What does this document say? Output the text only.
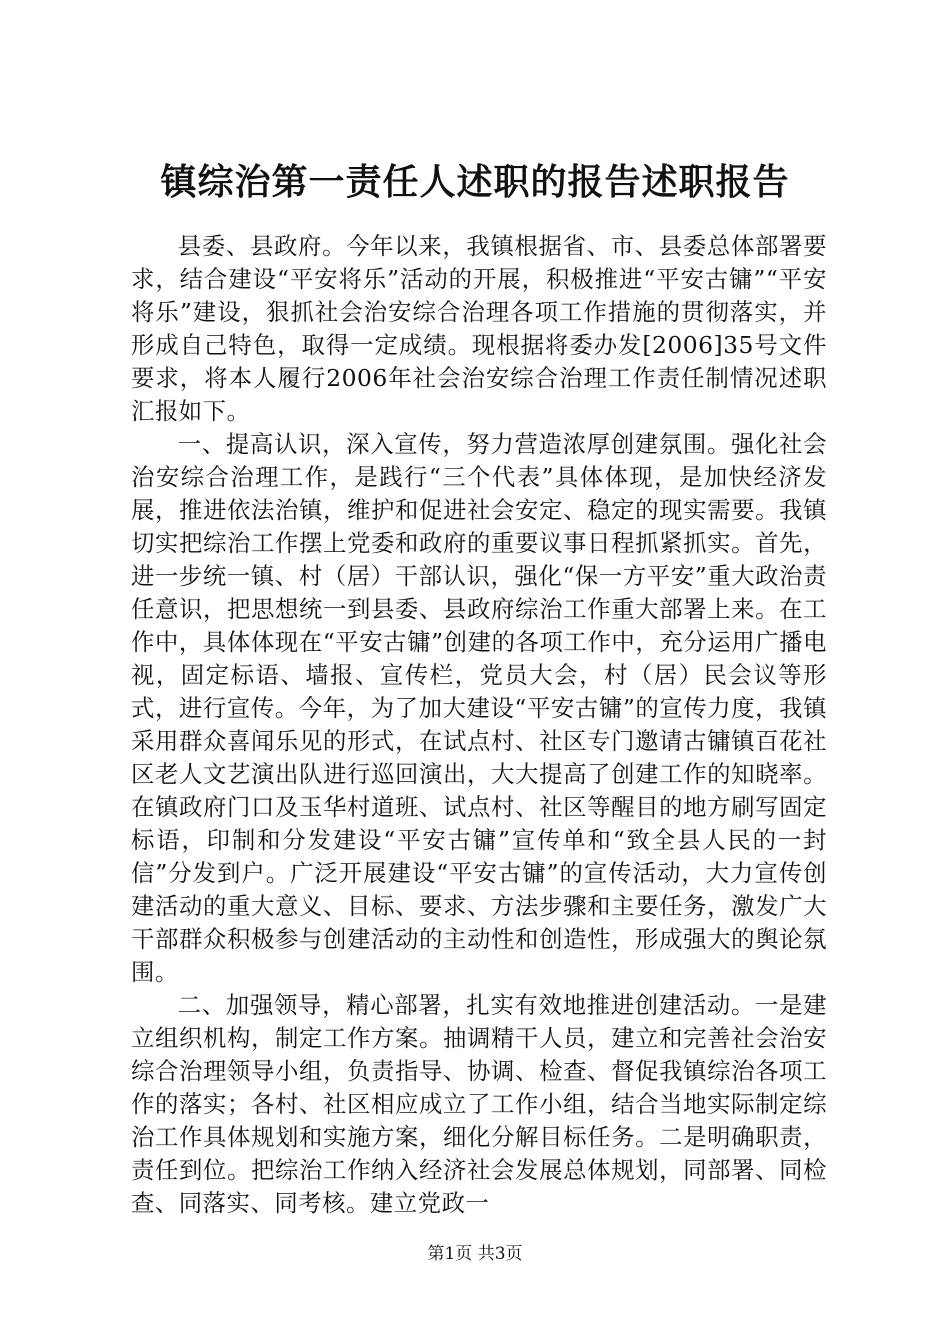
镇综治第一责任人述职的报告述职报告

县委、县政府。今年以来，我镇根据省、市、县委总体部署要求，结合建设“平安将乐”活动的开展，积极推进“平安古镛”“平安将乐”建设，狠抓社会治安综合治理各项工作措施的贯彻落实，并形成自己特色，取得一定成绩。现根据将委办发[2006]35号文件要求，将本人履行2006年社会治安综合治理工作责任制情况述职汇报如下。

一、提高认识，深入宣传，努力营造浓厚创建氛围。强化社会治安综合治理工作，是践行“三个代表”具体体现，是加快经济发展，推进依法治镇，维护和促进社会安定、稳定的现实需要。我镇切实把综治工作摆上党委和政府的重要议事日程抓紧抓实。首先，进一步统一镇、村（居）干部认识，强化“保一方平安”重大政治责任意识，把思想统一到县委、县政府综治工作重大部署上来。在工作中，具体体现在“平安古镛”创建的各项工作中，充分运用广播电视，固定标语、墙报、宣传栏，党员大会，村（居）民会议等形式，进行宣传。今年，为了加大建设“平安古镛”的宣传力度，我镇采用群众喜闻乐见的形式，在试点村、社区专门邀请古镛镇百花社区老人文艺演出队进行巡回演出，大大提高了创建工作的知晓率。在镇政府门口及玉华村道班、试点村、社区等醒目的地方刷写固定标语，印制和分发建设“平安古镛”宣传单和“致全县人民的一封信”分发到户。广泛开展建设“平安古镛”的宣传活动，大力宣传创建活动的重大意义、目标、要求、方法步骤和主要任务，激发广大干部群众积极参与创建活动的主动性和创造性，形成强大的舆论氛围。

二、加强领导，精心部署，扎实有效地推进创建活动。一是建立组织机构，制定工作方案。抽调精干人员，建立和完善社会治安综合治理领导小组，负责指导、协调、检查、督促我镇综治各项工作的落实；各村、社区相应成立了工作小组，结合当地实际制定综治工作具体规划和实施方案，细化分解目标任务。二是明确职责，责任到位。把综治工作纳入经济社会发展总体规划，同部署、同检查、同落实、同考核。建立党政一

第1页 共3页
